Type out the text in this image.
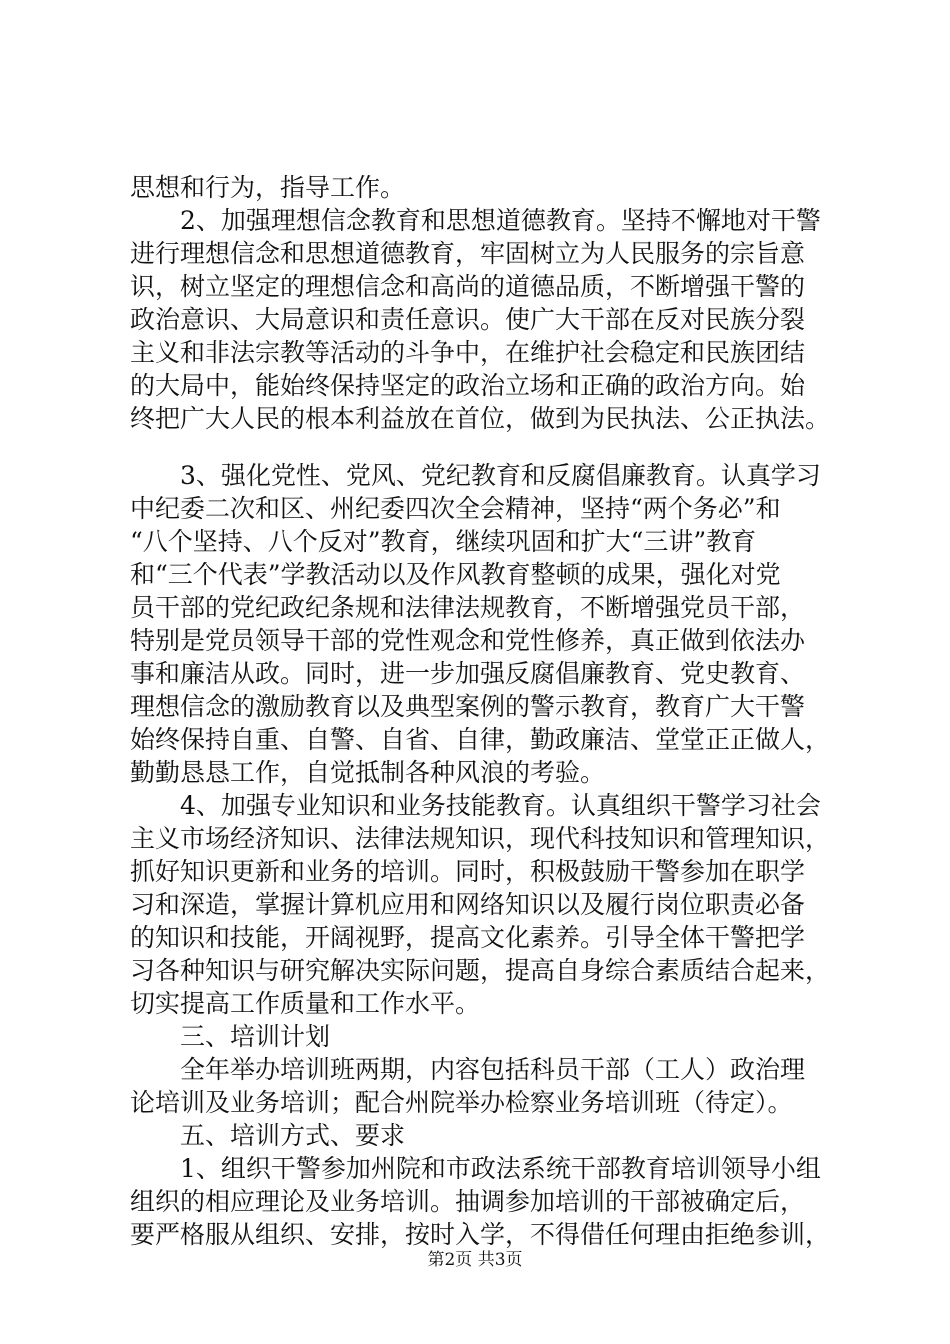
思想和行为，指导工作。
　　2、加强理想信念教育和思想道德教育。坚持不懈地对干警
进行理想信念和思想道德教育，牢固树立为人民服务的宗旨意
识，树立坚定的理想信念和高尚的道德品质，不断增强干警的
政治意识、大局意识和责任意识。使广大干部在反对民族分裂
主义和非法宗教等活动的斗争中，在维护社会稳定和民族团结
的大局中，能始终保持坚定的政治立场和正确的政治方向。始
终把广大人民的根本利益放在首位，做到为民执法、公正执法。
　　3、强化党性、党风、党纪教育和反腐倡廉教育。认真学习
中纪委二次和区、州纪委四次全会精神，坚持“两个务必”和
“八个坚持、八个反对”教育，继续巩固和扩大“三讲”教育
和“三个代表”学教活动以及作风教育整顿的成果，强化对党
员干部的党纪政纪条规和法律法规教育，不断增强党员干部，
特别是党员领导干部的党性观念和党性修养，真正做到依法办
事和廉洁从政。同时，进一步加强反腐倡廉教育、党史教育、
理想信念的激励教育以及典型案例的警示教育，教育广大干警
始终保持自重、自警、自省、自律，勤政廉洁、堂堂正正做人，
勤勤恳恳工作，自觉抵制各种风浪的考验。
　　4、加强专业知识和业务技能教育。认真组织干警学习社会
主义市场经济知识、法律法规知识，现代科技知识和管理知识，
抓好知识更新和业务的培训。同时，积极鼓励干警参加在职学
习和深造，掌握计算机应用和网络知识以及履行岗位职责必备
的知识和技能，开阔视野，提高文化素养。引导全体干警把学
习各种知识与研究解决实际问题，提高自身综合素质结合起来，
切实提高工作质量和工作水平。
　　三、培训计划
　　全年举办培训班两期，内容包括科员干部（工人）政治理
论培训及业务培训；配合州院举办检察业务培训班（待定）。
　　五、培训方式、要求
　　1、组织干警参加州院和市政法系统干部教育培训领导小组
组织的相应理论及业务培训。抽调参加培训的干部被确定后，
要严格服从组织、安排，按时入学，不得借任何理由拒绝参训，
第2页 共3页
